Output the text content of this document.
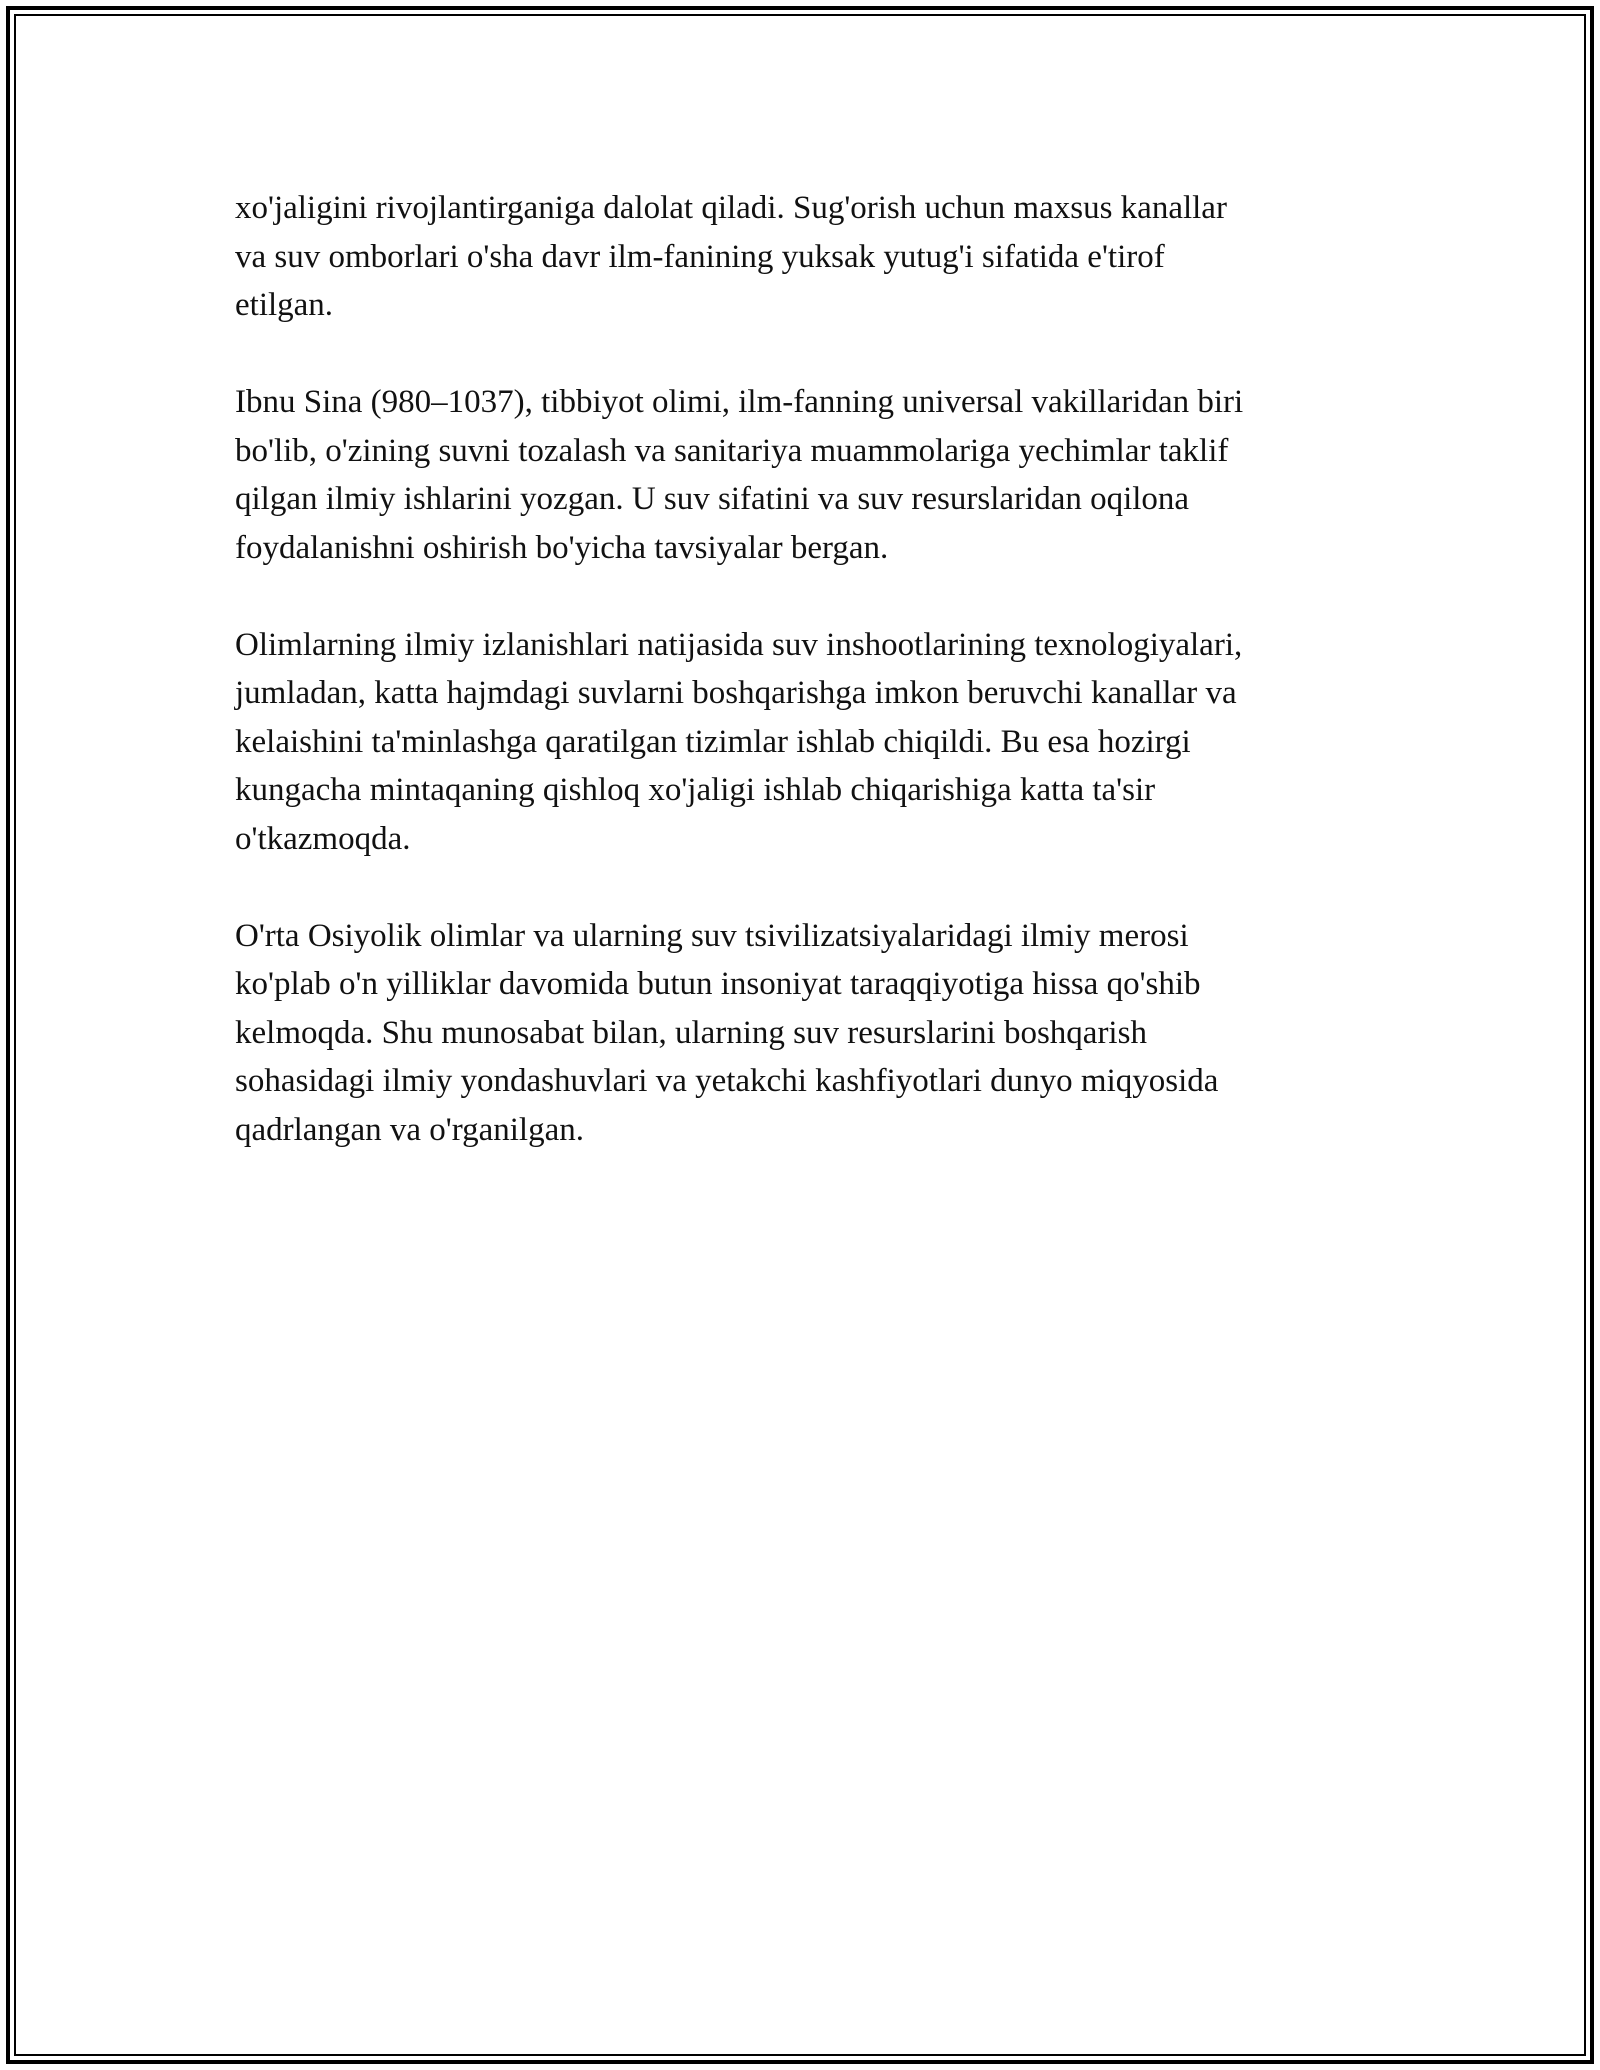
xo'jaligini rivojlantirganiga dalolat qiladi. Sug'orish uchun maxsus kanallar
va suv omborlari o'sha davr ilm-fanining yuksak yutug'i sifatida e'tirof
etilgan.

Ibnu Sina (980–1037), tibbiyot olimi, ilm-fanning universal vakillaridan biri
bo'lib, o'zining suvni tozalash va sanitariya muammolariga yechimlar taklif
qilgan ilmiy ishlarini yozgan. U suv sifatini va suv resurslaridan oqilona
foydalanishni oshirish bo'yicha tavsiyalar bergan.

Olimlarning ilmiy izlanishlari natijasida suv inshootlarining texnologiyalari,
jumladan, katta hajmdagi suvlarni boshqarishga imkon beruvchi kanallar va
kelaishini ta'minlashga qaratilgan tizimlar ishlab chiqildi. Bu esa hozirgi
kungacha mintaqaning qishloq xo'jaligi ishlab chiqarishiga katta ta'sir
o'tkazmoqda.

O'rta Osiyolik olimlar va ularning suv tsivilizatsiyalaridagi ilmiy merosi
ko'plab o'n yilliklar davomida butun insoniyat taraqqiyotiga hissa qo'shib
kelmoqda. Shu munosabat bilan, ularning suv resurslarini boshqarish
sohasidagi ilmiy yondashuvlari va yetakchi kashfiyotlari dunyo miqyosida
qadrlangan va o'rganilgan.
